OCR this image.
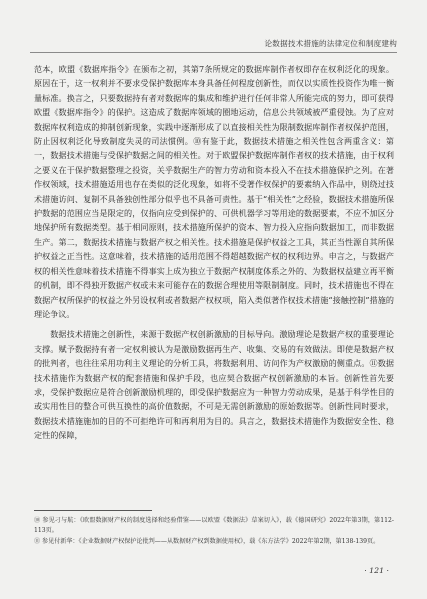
论数据技术措施的法律定位和制度建构

范本，欧盟《数据库指令》在颁布之初，其第7条所规定的数据库制作者权即存在权利泛化的现象。原因在于，这一权利并不要求受保护数据库本身具备任何程度创新性，而仅以实质性投资作为唯一衡量标准。换言之，只要数据持有者对数据库的集成和维护进行任何非常人所能完成的努力，即可获得欧盟《数据库指令》的保护。这造成了数据库领域的圈地运动，信息公共领域被严重侵蚀。为了应对数据库权利造成的抑制创新现象，实践中逐渐形成了以直接相关性为限制数据库制作者权保护范围，防止因权利泛化导致制度失灵的司法惯例。⑩有鉴于此，数据技术措施之相关性包含两重含义：第一，数据技术措施与受保护数据之间的相关性。对于欧盟保护数据库制作者权的技术措施，由于权利之要义在于保护数据整理之投资，关乎数据生产的智力劳动和资本投入不在技术措施保护之列。在著作权领域，技术措施适用也存在类似的泛化现象，如将不受著作权保护的要素纳入作品中，则绕过技术措施访问、复制不具备独创性部分似乎也不具备可责性。基于“相关性”之经验，数据技术措施所保护数据的范围应当是限定的，仅指向应受到保护的、可供机器学习等用途的数据要素，不应不加区分地保护所有数据类型。基于相同原则，技术措施所保护的资本、智力投入应指向数据加工，而非数据生产。第二，数据技术措施与数据产权之相关性。技术措施是保护权益之工具，其正当性源自其所保护权益之正当性。这意味着，技术措施的适用范围不得超越数据产权的权利边界。申言之，与数据产权的相关性意味着技术措施不得事实上成为独立于数据产权制度体系之外的、为数据权益建立再平衡的机制，即不得独开数据产权或未来可能存在的数据合理使用等限制制度。同时，技术措施也不得在数据产权所保护的权益之外另设权利或者数据产权权项，陷入类似著作权技术措施“接触控制”措施的理论争议。

数据技术措施之创新性，来源于数据产权创新激励的目标导向。激励理论是数据产权的重要理论支撑。赋予数据持有者一定权利被认为是激励数据再生产、收集、交易的有效做法。即使是数据产权的批判者，也往往采用功利主义理论的分析工具，将数据利用、访问作为产权激励的侧重点。⑪数据技术措施作为数据产权的配套措施和保护手段，也应契合数据产权创新激励的本旨。创新性首先要求，受保护数据应是符合创新激励机理的，即受保护数据应为一种智力劳动成果，是基于科学性目的或实用性目的整合可供互换性的高价值数据，不可是无需创新激励的原始数据等。创新性同时要求，数据技术措施施加的目的不可拒绝许可和再利用为目的。具言之，数据技术措施作为数据安全性、稳定性的保障，

⑩ 参见刁与航：《欧盟数据财产权的制度选择和经验借鉴——以欧盟《数据法》草案切入》，载《德国研究》2022年第3期，第112-113页。

⑪ 参见付新华：《企业数据财产权保护论批判——从数据财产权到数据使用权》，载《东方法学》2022年第2期，第138-139页。

· 121 ·
